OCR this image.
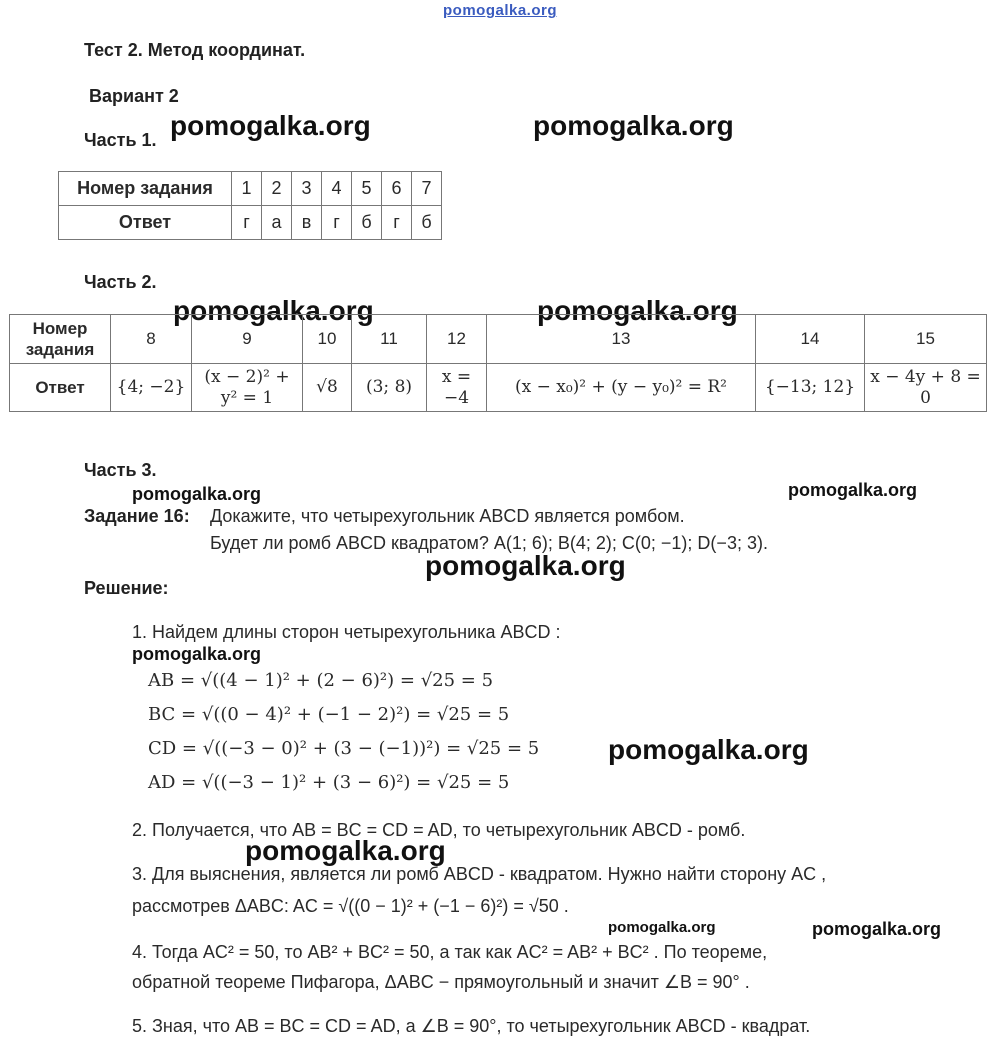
pomogalka.org
Тест 2. Метод координат.
Вариант 2
Часть 1. pomogalka.org	pomogalka.org
pomogalka.org	pomogalka.org
pomogalka.org	pomogalka.org
pomogalka.org
pomogalka.org
pomogalka.org
pomogalka.org
pomogalka.org	pomogalka.org
Номер задания	1	2	3	4	5	6	7
Ответ	г	а	в	г	б	г	б
Часть 2.
Номер
задания	8	9	10	11	12	13	14	15
Ответ	{4; −2}	(x − 2)² + y² = 1	√8	(3; 8)	x = −4	(x − x₀)² + (y − y₀)² = R²	{−13; 12}	x − 4y + 8 = 0
Часть 3.
Задание 16: Докажите, что четырехугольник ABCD является ромбом.
Будет ли ромб ABCD квадратом? A(1; 6); B(4; 2); C(0; −1); D(−3; 3).
Решение:
1. Найдем длины сторон четырехугольника ABCD :
AB = √((4 − 1)² + (2 − 6)²) = √25 = 5
BC = √((0 − 4)² + (−1 − 2)²) = √25 = 5
CD = √((−3 − 0)² + (3 − (−1))²) = √25 = 5
AD = √((−3 − 1)² + (3 − 6)²) = √25 = 5
2. Получается, что AB = BC = CD = AD, то четырехугольник ABCD - ромб.
3. Для выяснения, является ли ромб ABCD - квадратом. Нужно найти сторону AC ,
рассмотрев ΔABC: AC = √((0 − 1)² + (−1 − 6)²) = √50 .
4. Тогда AC² = 50, то AB² + BC² = 50, а так как AC² = AB² + BC² . По теореме,
обратной теореме Пифагора, ΔABC − прямоугольный и значит ∠B = 90° .
5. Зная, что AB = BC = CD = AD, а ∠B = 90°, то четырехугольник ABCD - квадрат.
